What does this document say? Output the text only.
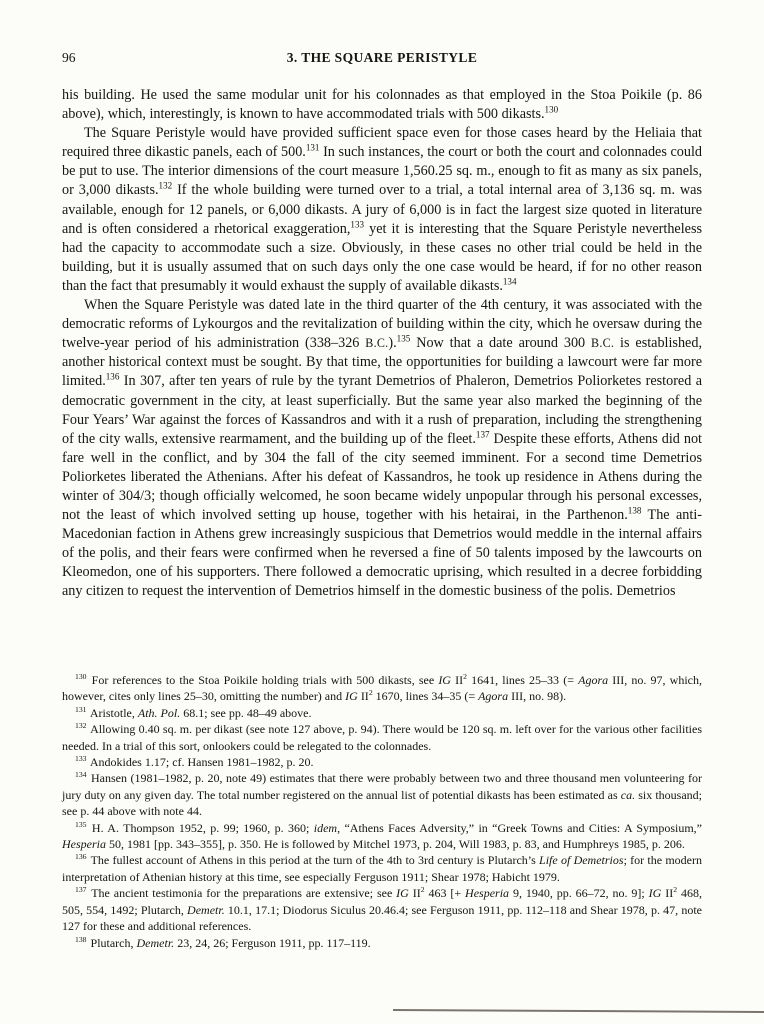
96	3. THE SQUARE PERISTYLE

his building. He used the same modular unit for his colonnades as that employed in the Stoa Poikile (p. 86 above), which, interestingly, is known to have accommodated trials with 500 dikasts.$^{130}$

The Square Peristyle would have provided sufficient space even for those cases heard by the Heliaia that required three dikastic panels, each of 500.$^{131}$ In such instances, the court or both the court and colonnades could be put to use. The interior dimensions of the court measure 1,560.25 sq. m., enough to fit as many as six panels, or 3,000 dikasts.$^{132}$ If the whole building were turned over to a trial, a total internal area of 3,136 sq. m. was available, enough for 12 panels, or 6,000 dikasts. A jury of 6,000 is in fact the largest size quoted in literature and is often considered a rhetorical exaggeration,$^{133}$ yet it is interesting that the Square Peristyle nevertheless had the capacity to accommodate such a size. Obviously, in these cases no other trial could be held in the building, but it is usually assumed that on such days only the one case would be heard, if for no other reason than the fact that presumably it would exhaust the supply of available dikasts.$^{134}$

When the Square Peristyle was dated late in the third quarter of the 4th century, it was associated with the democratic reforms of Lykourgos and the revitalization of building within the city, which he oversaw during the twelve-year period of his administration (338–326 B.C.).$^{135}$ Now that a date around 300 B.C. is established, another historical context must be sought. By that time, the opportunities for building a lawcourt were far more limited.$^{136}$ In 307, after ten years of rule by the tyrant Demetrios of Phaleron, Demetrios Poliorketes restored a democratic government in the city, at least superficially. But the same year also marked the beginning of the Four Years’ War against the forces of Kassandros and with it a rush of preparation, including the strengthening of the city walls, extensive rearmament, and the building up of the fleet.$^{137}$ Despite these efforts, Athens did not fare well in the conflict, and by 304 the fall of the city seemed imminent. For a second time Demetrios Poliorketes liberated the Athenians. After his defeat of Kassandros, he took up residence in Athens during the winter of 304/3; though officially welcomed, he soon became widely unpopular through his personal excesses, not the least of which involved setting up house, together with his hetairai, in the Parthenon.$^{138}$ The anti-Macedonian faction in Athens grew increasingly suspicious that Demetrios would meddle in the internal affairs of the polis, and their fears were confirmed when he reversed a fine of 50 talents imposed by the lawcourts on Kleomedon, one of his supporters. There followed a democratic uprising, which resulted in a decree forbidding any citizen to request the intervention of Demetrios himself in the domestic business of the polis. Demetrios

$^{130}$ For references to the Stoa Poikile holding trials with 500 dikasts, see IG $II^2$ 1641, lines 25–33 (= Agora III, no. 97, which, however, cites only lines 25–30, omitting the number) and IG $II^2$ 1670, lines 34–35 (= Agora III, no. 98).

$^{131}$ Aristotle, Ath. Pol. 68.1; see pp. 48–49 above.

$^{132}$ Allowing 0.40 sq. m. per dikast (see note 127 above, p. 94). There would be 120 sq. m. left over for the various other facilities needed. In a trial of this sort, onlookers could be relegated to the colonnades.

$^{133}$ Andokides 1.17; cf. Hansen 1981–1982, p. 20.

$^{134}$ Hansen (1981–1982, p. 20, note 49) estimates that there were probably between two and three thousand men volunteering for jury duty on any given day. The total number registered on the annual list of potential dikasts has been estimated as ca. six thousand; see p. 44 above with note 44.

$^{135}$ H. A. Thompson 1952, p. 99; 1960, p. 360; idem, “Athens Faces Adversity,” in “Greek Towns and Cities: A Symposium,” Hesperia 50, 1981 [pp. 343–355], p. 350. He is followed by Mitchel 1973, p. 204, Will 1983, p. 83, and Humphreys 1985, p. 206.

$^{136}$ The fullest account of Athens in this period at the turn of the 4th to 3rd century is Plutarch’s Life of Demetrios; for the modern interpretation of Athenian history at this time, see especially Ferguson 1911; Shear 1978; Habicht 1979.

$^{137}$ The ancient testimonia for the preparations are extensive; see IG $II^2$ 463 [+ Hesperia 9, 1940, pp. 66–72, no. 9]; IG $II^2$ 468, 505, 554, 1492; Plutarch, Demetr. 10.1, 17.1; Diodorus Siculus 20.46.4; see Ferguson 1911, pp. 112–118 and Shear 1978, p. 47, note 127 for these and additional references.

$^{138}$ Plutarch, Demetr. 23, 24, 26; Ferguson 1911, pp. 117–119.
